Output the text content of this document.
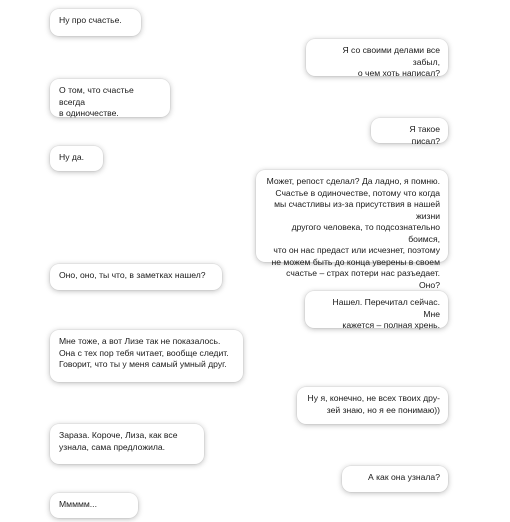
Ну про счастье.
Я со своими делами все забыл,
о чем хоть написал?
О том, что счастье всегда
в одиночестве.
Я такое писал?
Ну да.
Может, репост сделал? Да ладно, я помню.
Счастье в одиночестве, потому что когда
мы счастливы из-за присутствия в нашей жизни
другого человека, то подсознательно боимся,
что он нас предаст или исчезнет, поэтому
не можем быть до конца уверены в своем
счастье – страх потери нас разъедает. Оно?
Оно, оно, ты что, в заметках нашел?
Нашел. Перечитал сейчас. Мне
кажется – полная хрень.
Мне тоже, а вот Лизе так не показалось.
Она с тех пор тебя читает, вообще следит.
Говорит, что ты у меня самый умный друг.
Ну я, конечно, не всех твоих дру-
зей знаю, но я ее понимаю))
Зараза. Короче, Лиза, как все
узнала, сама предложила.
А как она узнала?
Ммммм...
